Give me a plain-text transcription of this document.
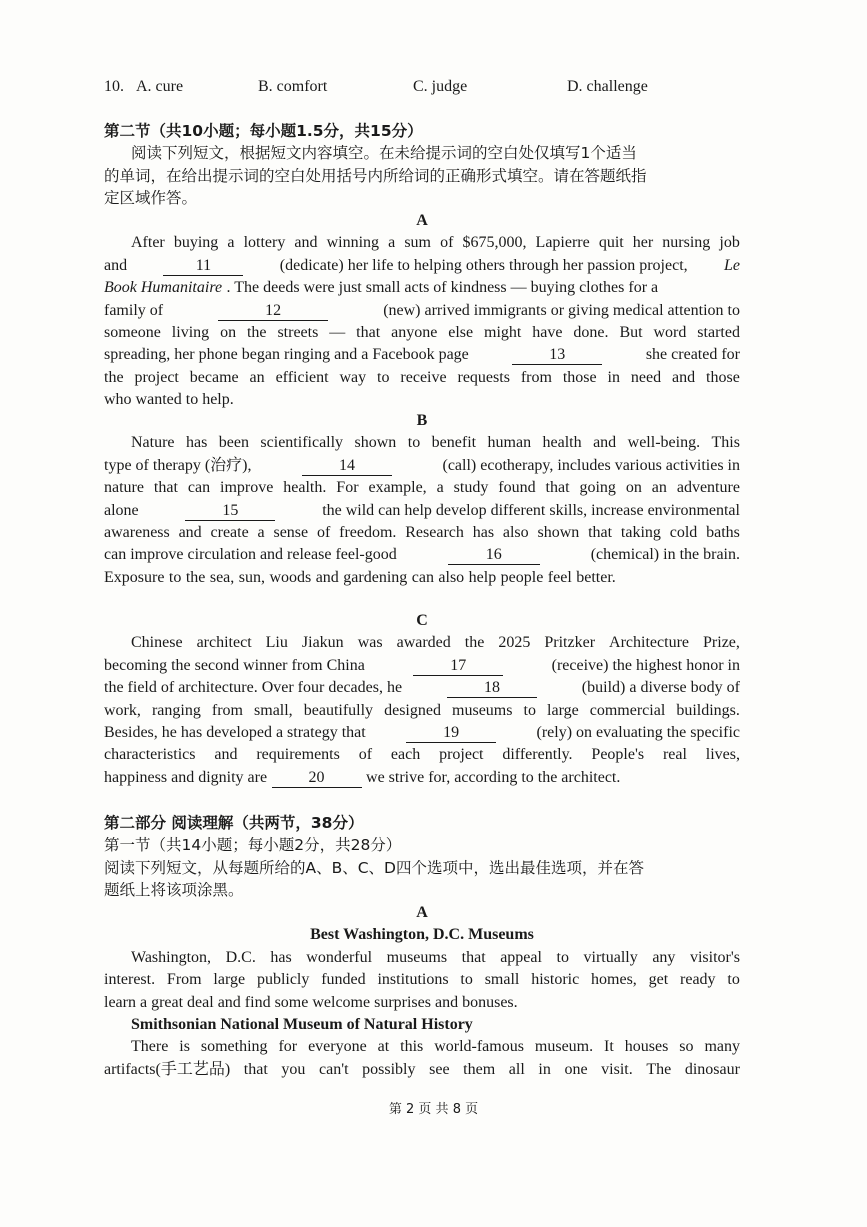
10. A. cure	B. comfort	C. judge	D. challenge
第二节（共10小题；每小题1.5分，共15分）
阅读下列短文，根据短文内容填空。在未给提示词的空白处仅填写1个适当
的单词，在给出提示词的空白处用括号内所给词的正确形式填空。请在答题纸指
定区域作答。
A
After buying a lottery and winning a sum of $675,000, Lapierre quit her nursing job
and	11	(dedicate) her life to helping others through her passion project, Le
Book Humanitaire . The deeds were just small acts of kindness — buying clothes for a
family of	12	(new) arrived immigrants or giving medical attention to
someone living on the streets — that anyone else might have done. But word started
spreading, her phone began ringing and a Facebook page	13	she created for
the project became an efficient way to receive requests from those in need and those
who wanted to help.
B
Nature has been scientifically shown to benefit human health and well-being. This
type of therapy (治疗),	14	(call) ecotherapy, includes various activities in
nature that can improve health. For example, a study found that going on an adventure
alone	15	the wild can help develop different skills, increase environmental
awareness and create a sense of freedom. Research has also shown that taking cold baths
can improve circulation and release feel-good	16	(chemical) in the brain.
Exposure to the sea, sun, woods and gardening can also help people feel better.
C
Chinese architect Liu Jiakun was awarded the 2025 Pritzker Architecture Prize,
becoming the second winner from China	17	(receive) the highest honor in
the field of architecture. Over four decades, he	18	(build) a diverse body of
work, ranging from small, beautifully designed museums to large commercial buildings.
Besides, he has developed a strategy that	19	(rely) on evaluating the specific
characteristics and requirements of each project differently. People's real lives,
happiness and dignity are	20	we strive for, according to the architect.
第二部分 阅读理解（共两节，38分）
第一节（共14小题；每小题2分，共28分）
阅读下列短文，从每题所给的A、B、C、D四个选项中，选出最佳选项，并在答
题纸上将该项涂黑。
A
Best Washington, D.C. Museums
Washington, D.C. has wonderful museums that appeal to virtually any visitor's
interest. From large publicly funded institutions to small historic homes, get ready to
learn a great deal and find some welcome surprises and bonuses.
Smithsonian National Museum of Natural History
There is something for everyone at this world-famous museum. It houses so many
artifacts(手工艺品) that you can't possibly see them all in one visit. The dinosaur
第 2 页 共 8 页
